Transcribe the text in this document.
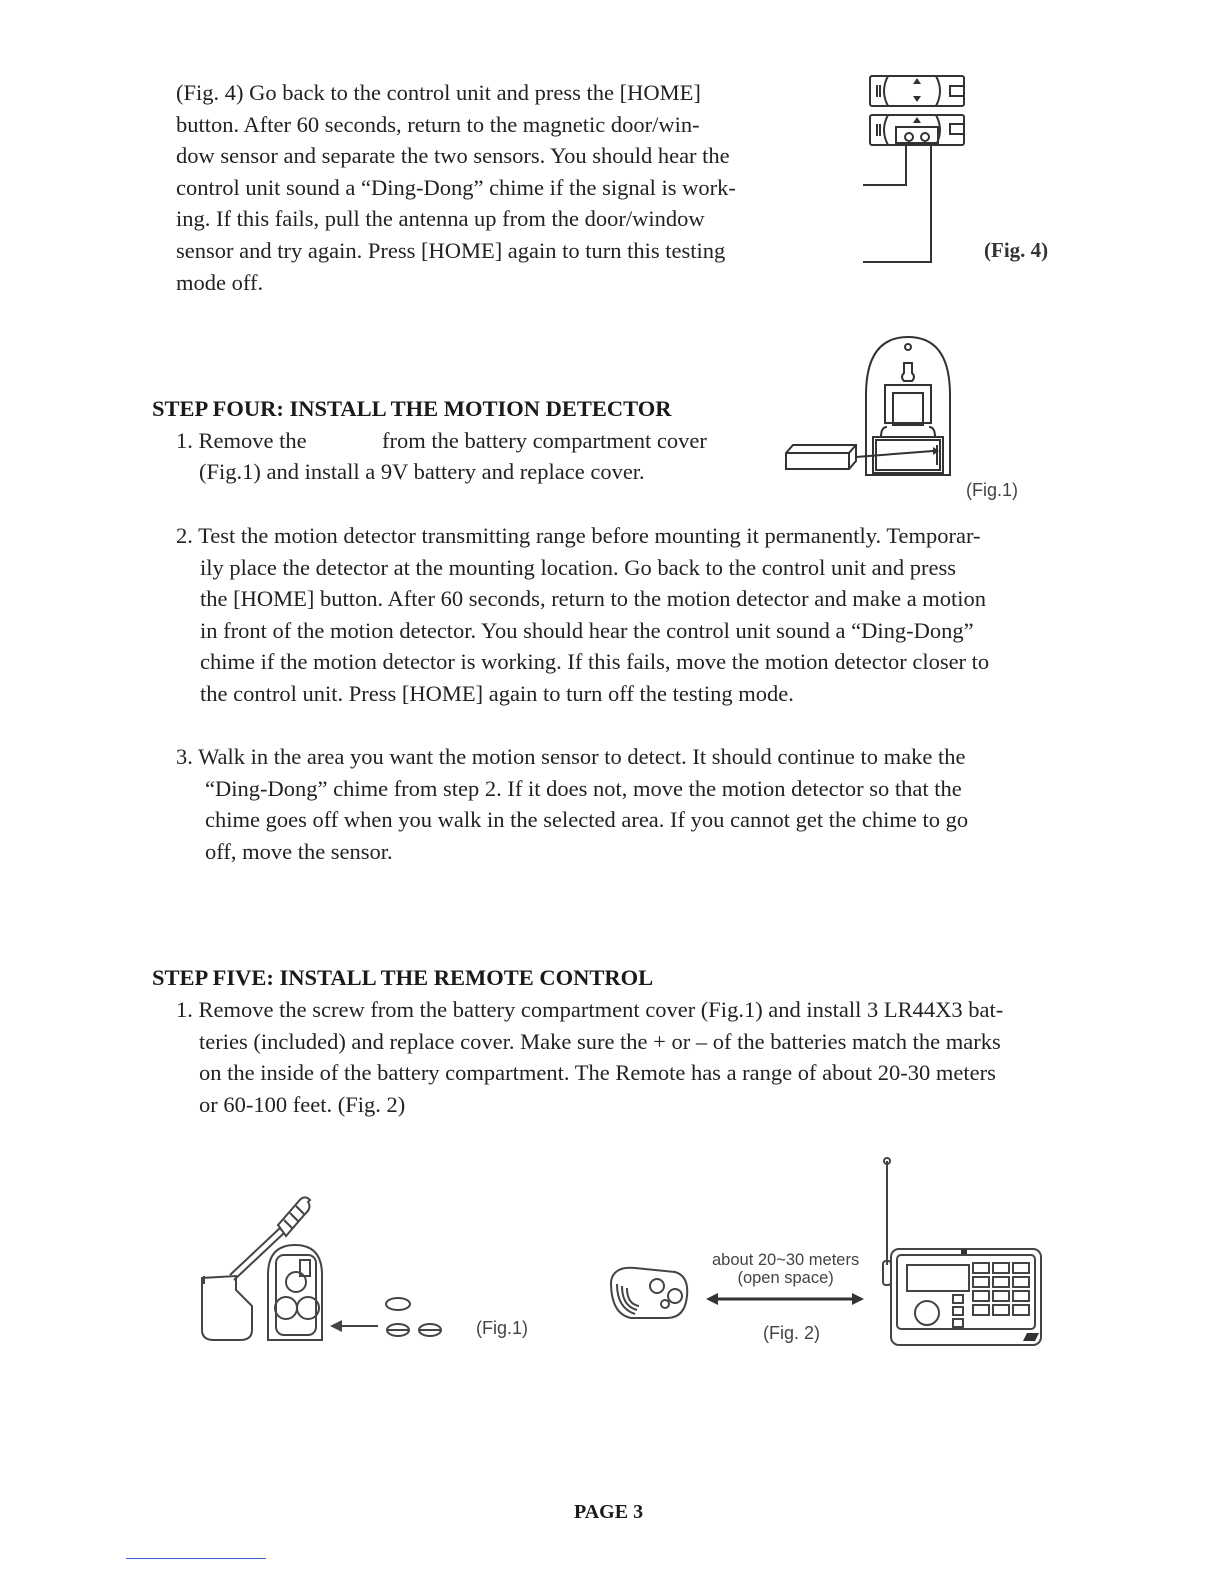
(Fig. 4) Go back to the control unit and press the [HOME]
button. After 60 seconds, return to the magnetic door/win-
dow sensor and separate the two sensors. You should hear the
control unit sound a “Ding-Dong” chime if the signal is work-
ing. If this fails, pull the antenna up from the door/window
sensor and try again. Press [HOME] again to turn this testing
mode off.
(Fig. 4)
STEP FOUR: INSTALL THE MOTION DETECTOR
1. Remove the	from the battery compartment cover
(Fig.1) and install a 9V battery and replace cover.
(Fig.1)
2. Test the motion detector transmitting range before mounting it permanently. Temporar-
ily place the detector at the mounting location. Go back to the control unit and press
the [HOME] button. After 60 seconds, return to the motion detector and make a motion
in front of the motion detector. You should hear the control unit sound a “Ding-Dong”
chime if the motion detector is working. If this fails, move the motion detector closer to
the control unit. Press [HOME] again to turn off the testing mode.
3. Walk in the area you want the motion sensor to detect. It should continue to make the
“Ding-Dong” chime from step 2. If it does not, move the motion detector so that the
chime goes off when you walk in the selected area. If you cannot get the chime to go
off, move the sensor.
STEP FIVE: INSTALL THE REMOTE CONTROL
1. Remove the screw from the battery compartment cover (Fig.1) and install 3 LR44X3 bat-
teries (included) and replace cover. Make sure the + or – of the batteries match the marks
on the inside of the battery compartment. The Remote has a range of about 20-30 meters
or 60-100 feet. (Fig. 2)
(Fig.1)
about 20~30 meters
(open space)
(Fig. 2)
PAGE 3
